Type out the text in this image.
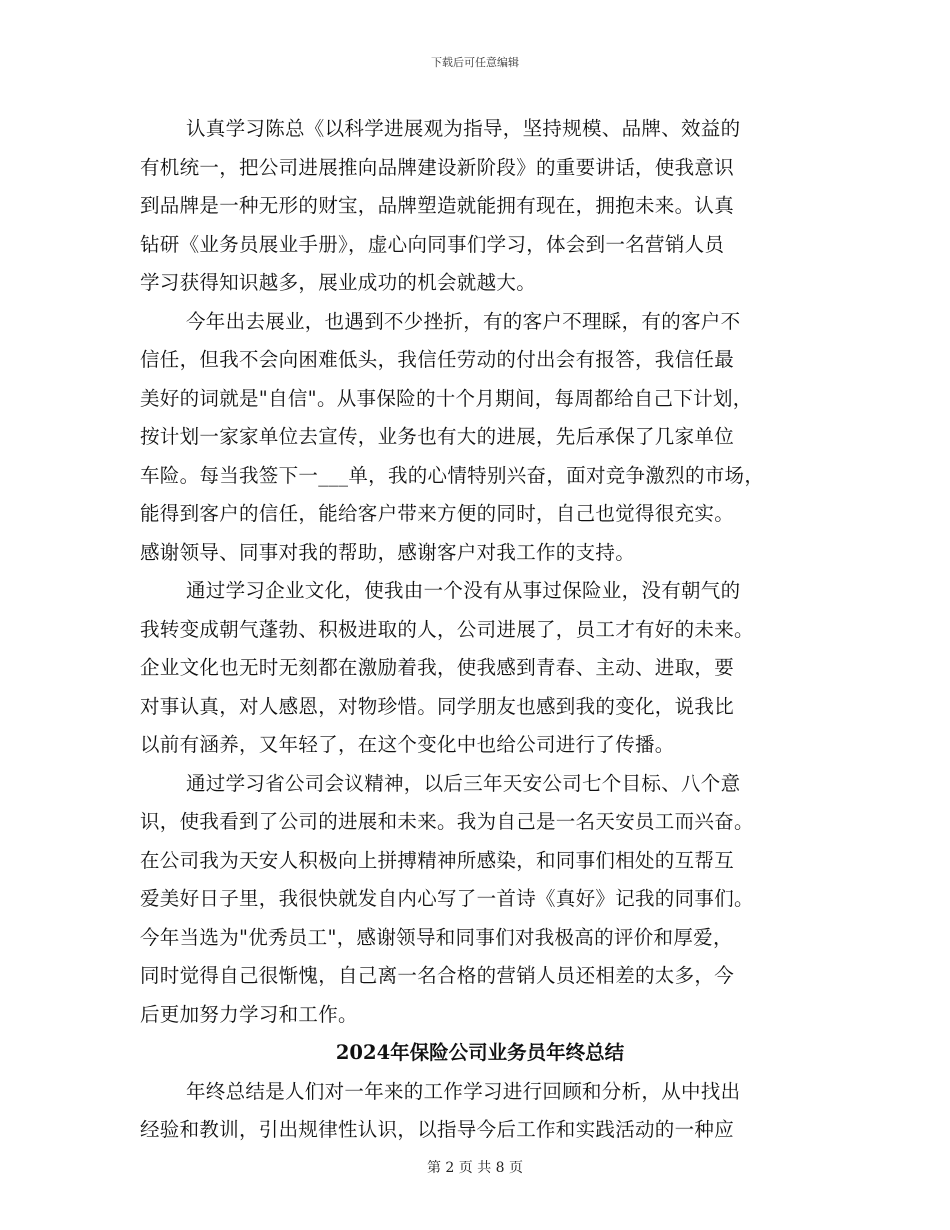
下载后可任意编辑
认真学习陈总《以科学进展观为指导，坚持规模、品牌、效益的
有机统一，把公司进展推向品牌建设新阶段》的重要讲话，使我意识
到品牌是一种无形的财宝，品牌塑造就能拥有现在，拥抱未来。认真
钻研《业务员展业手册》，虚心向同事们学习，体会到一名营销人员
学习获得知识越多，展业成功的机会就越大。
今年出去展业，也遇到不少挫折，有的客户不理睬，有的客户不
信任，但我不会向困难低头，我信任劳动的付出会有报答，我信任最
美好的词就是"自信"。从事保险的十个月期间，每周都给自己下计划，
按计划一家家单位去宣传，业务也有大的进展，先后承保了几家单位
车险。每当我签下一___单，我的心情特别兴奋，面对竞争激烈的市场，
能得到客户的信任，能给客户带来方便的同时，自己也觉得很充实。
感谢领导、同事对我的帮助，感谢客户对我工作的支持。
通过学习企业文化，使我由一个没有从事过保险业，没有朝气的
我转变成朝气蓬勃、积极进取的人，公司进展了，员工才有好的未来。
企业文化也无时无刻都在激励着我，使我感到青春、主动、进取，要
对事认真，对人感恩，对物珍惜。同学朋友也感到我的变化，说我比
以前有涵养，又年轻了，在这个变化中也给公司进行了传播。
通过学习省公司会议精神，以后三年天安公司七个目标、八个意
识，使我看到了公司的进展和未来。我为自己是一名天安员工而兴奋。
在公司我为天安人积极向上拼搏精神所感染，和同事们相处的互帮互
爱美好日子里，我很快就发自内心写了一首诗《真好》记我的同事们。
今年当选为"优秀员工"，感谢领导和同事们对我极高的评价和厚爱，
同时觉得自己很惭愧，自己离一名合格的营销人员还相差的太多，今
后更加努力学习和工作。
2024年保险公司业务员年终总结
年终总结是人们对一年来的工作学习进行回顾和分析，从中找出
经验和教训，引出规律性认识，以指导今后工作和实践活动的一种应
第 2 页 共 8 页
